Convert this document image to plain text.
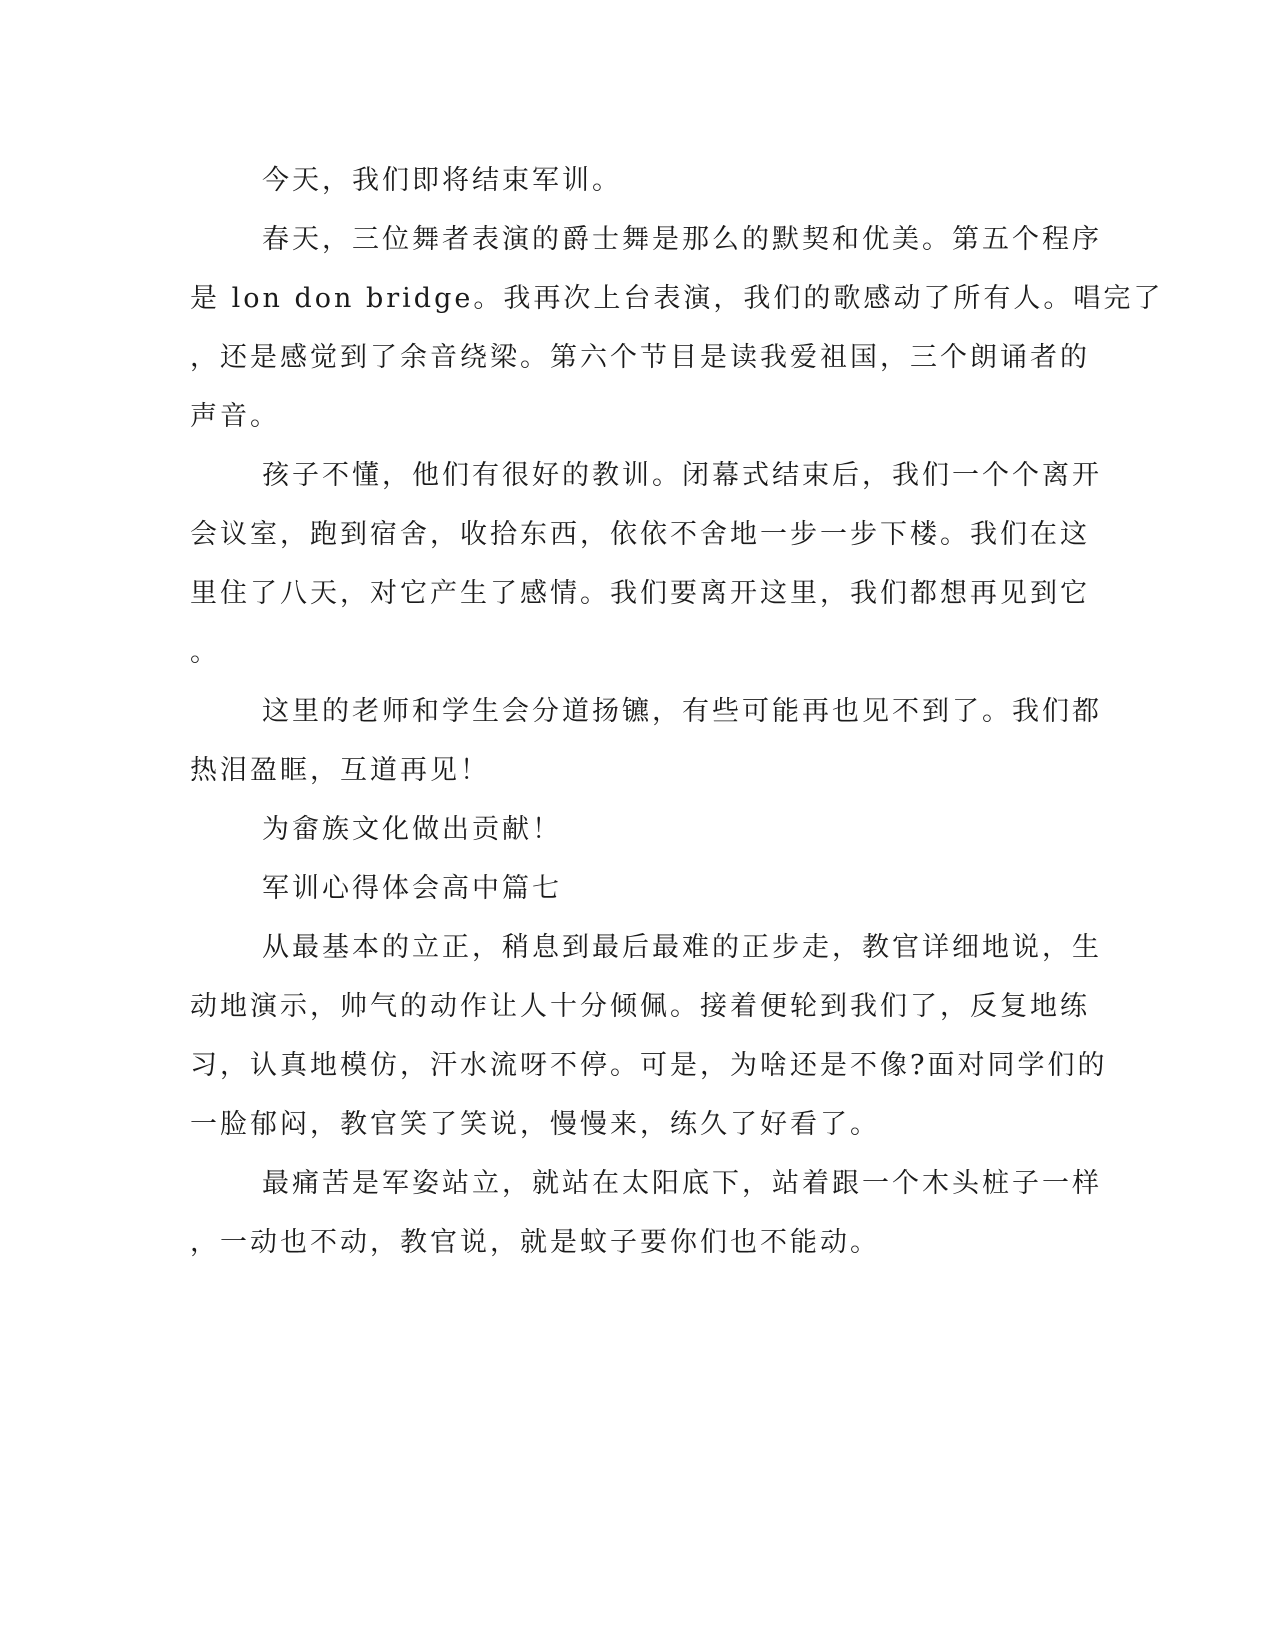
今天，我们即将结束军训。
春天，三位舞者表演的爵士舞是那么的默契和优美。第五个程序
是 lon don bridge。我再次上台表演，我们的歌感动了所有人。唱完了
，还是感觉到了余音绕梁。第六个节目是读我爱祖国，三个朗诵者的
声音。
孩子不懂，他们有很好的教训。闭幕式结束后，我们一个个离开
会议室，跑到宿舍，收拾东西，依依不舍地一步一步下楼。我们在这
里住了八天，对它产生了感情。我们要离开这里，我们都想再见到它
。
这里的老师和学生会分道扬镳，有些可能再也见不到了。我们都
热泪盈眶，互道再见！
为畲族文化做出贡献！
军训心得体会高中篇七
从最基本的立正，稍息到最后最难的正步走，教官详细地说，生
动地演示，帅气的动作让人十分倾佩。接着便轮到我们了，反复地练
习，认真地模仿，汗水流呀不停。可是，为啥还是不像?面对同学们的
一脸郁闷，教官笑了笑说，慢慢来，练久了好看了。
最痛苦是军姿站立，就站在太阳底下，站着跟一个木头桩子一样
，一动也不动，教官说，就是蚊子要你们也不能动。
